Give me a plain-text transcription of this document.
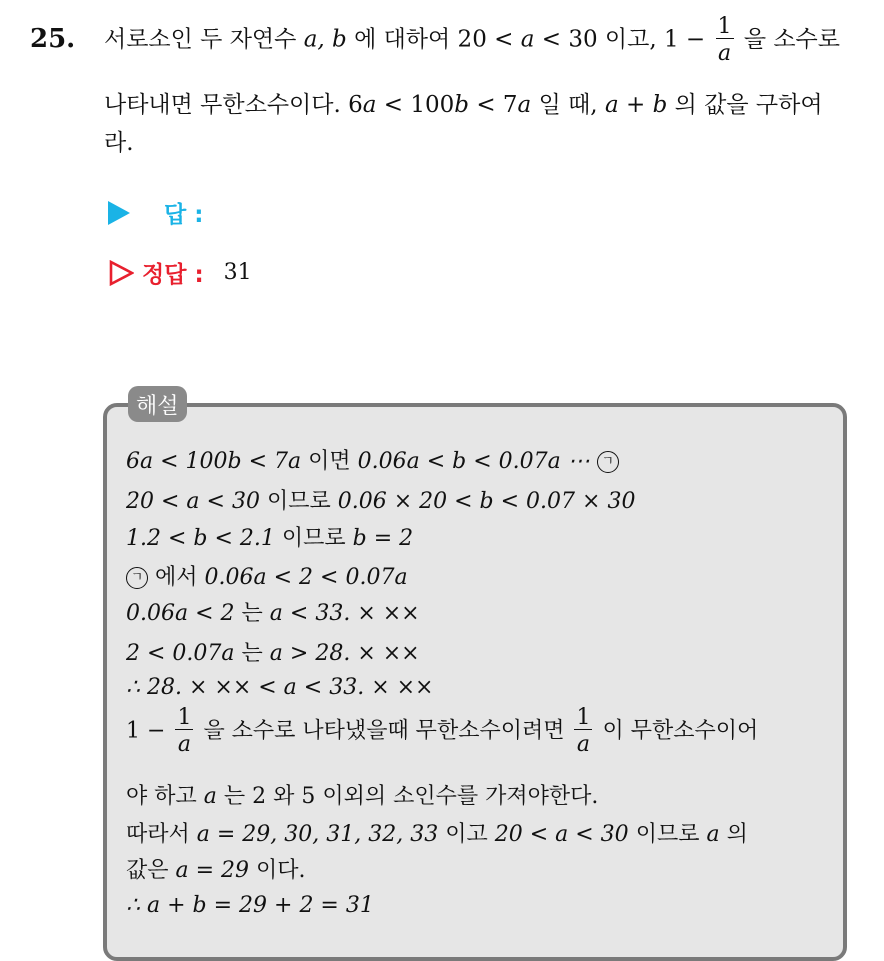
25. 서로소인 두 자연수 a, b 에 대하여 20 < a < 30 이고, $1 - \frac{1}{a}$ 을 소수로
나타내면 무한소수이다. 6a < 100b < 7a 일 때, a + b 의 값을 구하여
라.
답 :
정답 : 31
해설
6a < 100b < 7a 이면 0.06a < b < 0.07a ⋯ ㄱ
20 < a < 30 이므로 0.06 × 20 < b < 0.07 × 30
1.2 < b < 2.1 이므로 b = 2
ㄱ 에서 0.06a < 2 < 0.07a
0.06a < 2 는 a < 33. × ××
2 < 0.07a 는 a > 28. × ××
∴ 28. × ×× < a < 33. × ××
$1 - \frac{1}{a}$ 을 소수로 나타냈을때 무한소수이려면 $\frac{1}{a}$ 이 무한소수이어
야 하고 a 는 2 와 5 이외의 소인수를 가져야한다.
따라서 a = 29, 30, 31, 32, 33 이고 20 < a < 30 이므로 a 의
값은 a = 29 이다.
∴ a + b = 29 + 2 = 31
